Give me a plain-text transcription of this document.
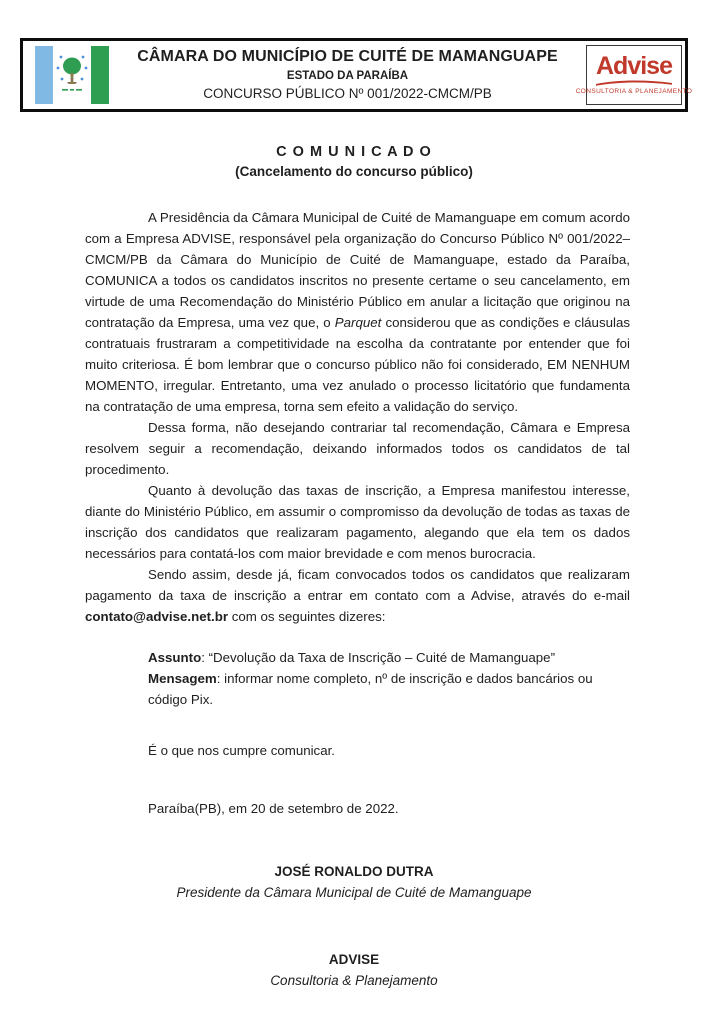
CÂMARA DO MUNICÍPIO DE CUITÉ DE MAMANGUAPE
ESTADO DA PARAÍBA
CONCURSO PÚBLICO Nº 001/2022-CMCM/PB
Advise
CONSULTORIA & PLANEJAMENTO
C O M U N I C A D O
(Cancelamento do concurso público)

A Presidência da Câmara Municipal de Cuité de Mamanguape em comum acordo com a Empresa ADVISE, responsável pela organização do Concurso Público Nº 001/2022–CMCM/PB da Câmara do Município de Cuité de Mamanguape, estado da Paraíba, COMUNICA a todos os candidatos inscritos no presente certame o seu cancelamento, em virtude de uma Recomendação do Ministério Público em anular a licitação que originou na contratação da Empresa, uma vez que, o Parquet considerou que as condições e cláusulas contratuais frustraram a competitividade na escolha da contratante por entender que foi muito criteriosa. É bom lembrar que o concurso público não foi considerado, EM NENHUM MOMENTO, irregular. Entretanto, uma vez anulado o processo licitatório que fundamenta na contratação de uma empresa, torna sem efeito a validação do serviço.

Dessa forma, não desejando contrariar tal recomendação, Câmara e Empresa resolvem seguir a recomendação, deixando informados todos os candidatos de tal procedimento.

Quanto à devolução das taxas de inscrição, a Empresa manifestou interesse, diante do Ministério Público, em assumir o compromisso da devolução de todas as taxas de inscrição dos candidatos que realizaram pagamento, alegando que ela tem os dados necessários para contatá-los com maior brevidade e com menos burocracia.

Sendo assim, desde já, ficam convocados todos os candidatos que realizaram pagamento da taxa de inscrição a entrar em contato com a Advise, através do e-mail contato@advise.net.br com os seguintes dizeres:

Assunto: “Devolução da Taxa de Inscrição – Cuité de Mamanguape”

Mensagem: informar nome completo, nº de inscrição e dados bancários ou código Pix.

É o que nos cumpre comunicar.

Paraíba(PB), em 20 de setembro de 2022.

JOSÉ RONALDO DUTRA
Presidente da Câmara Municipal de Cuité de Mamanguape
ADVISE
Consultoria & Planejamento
